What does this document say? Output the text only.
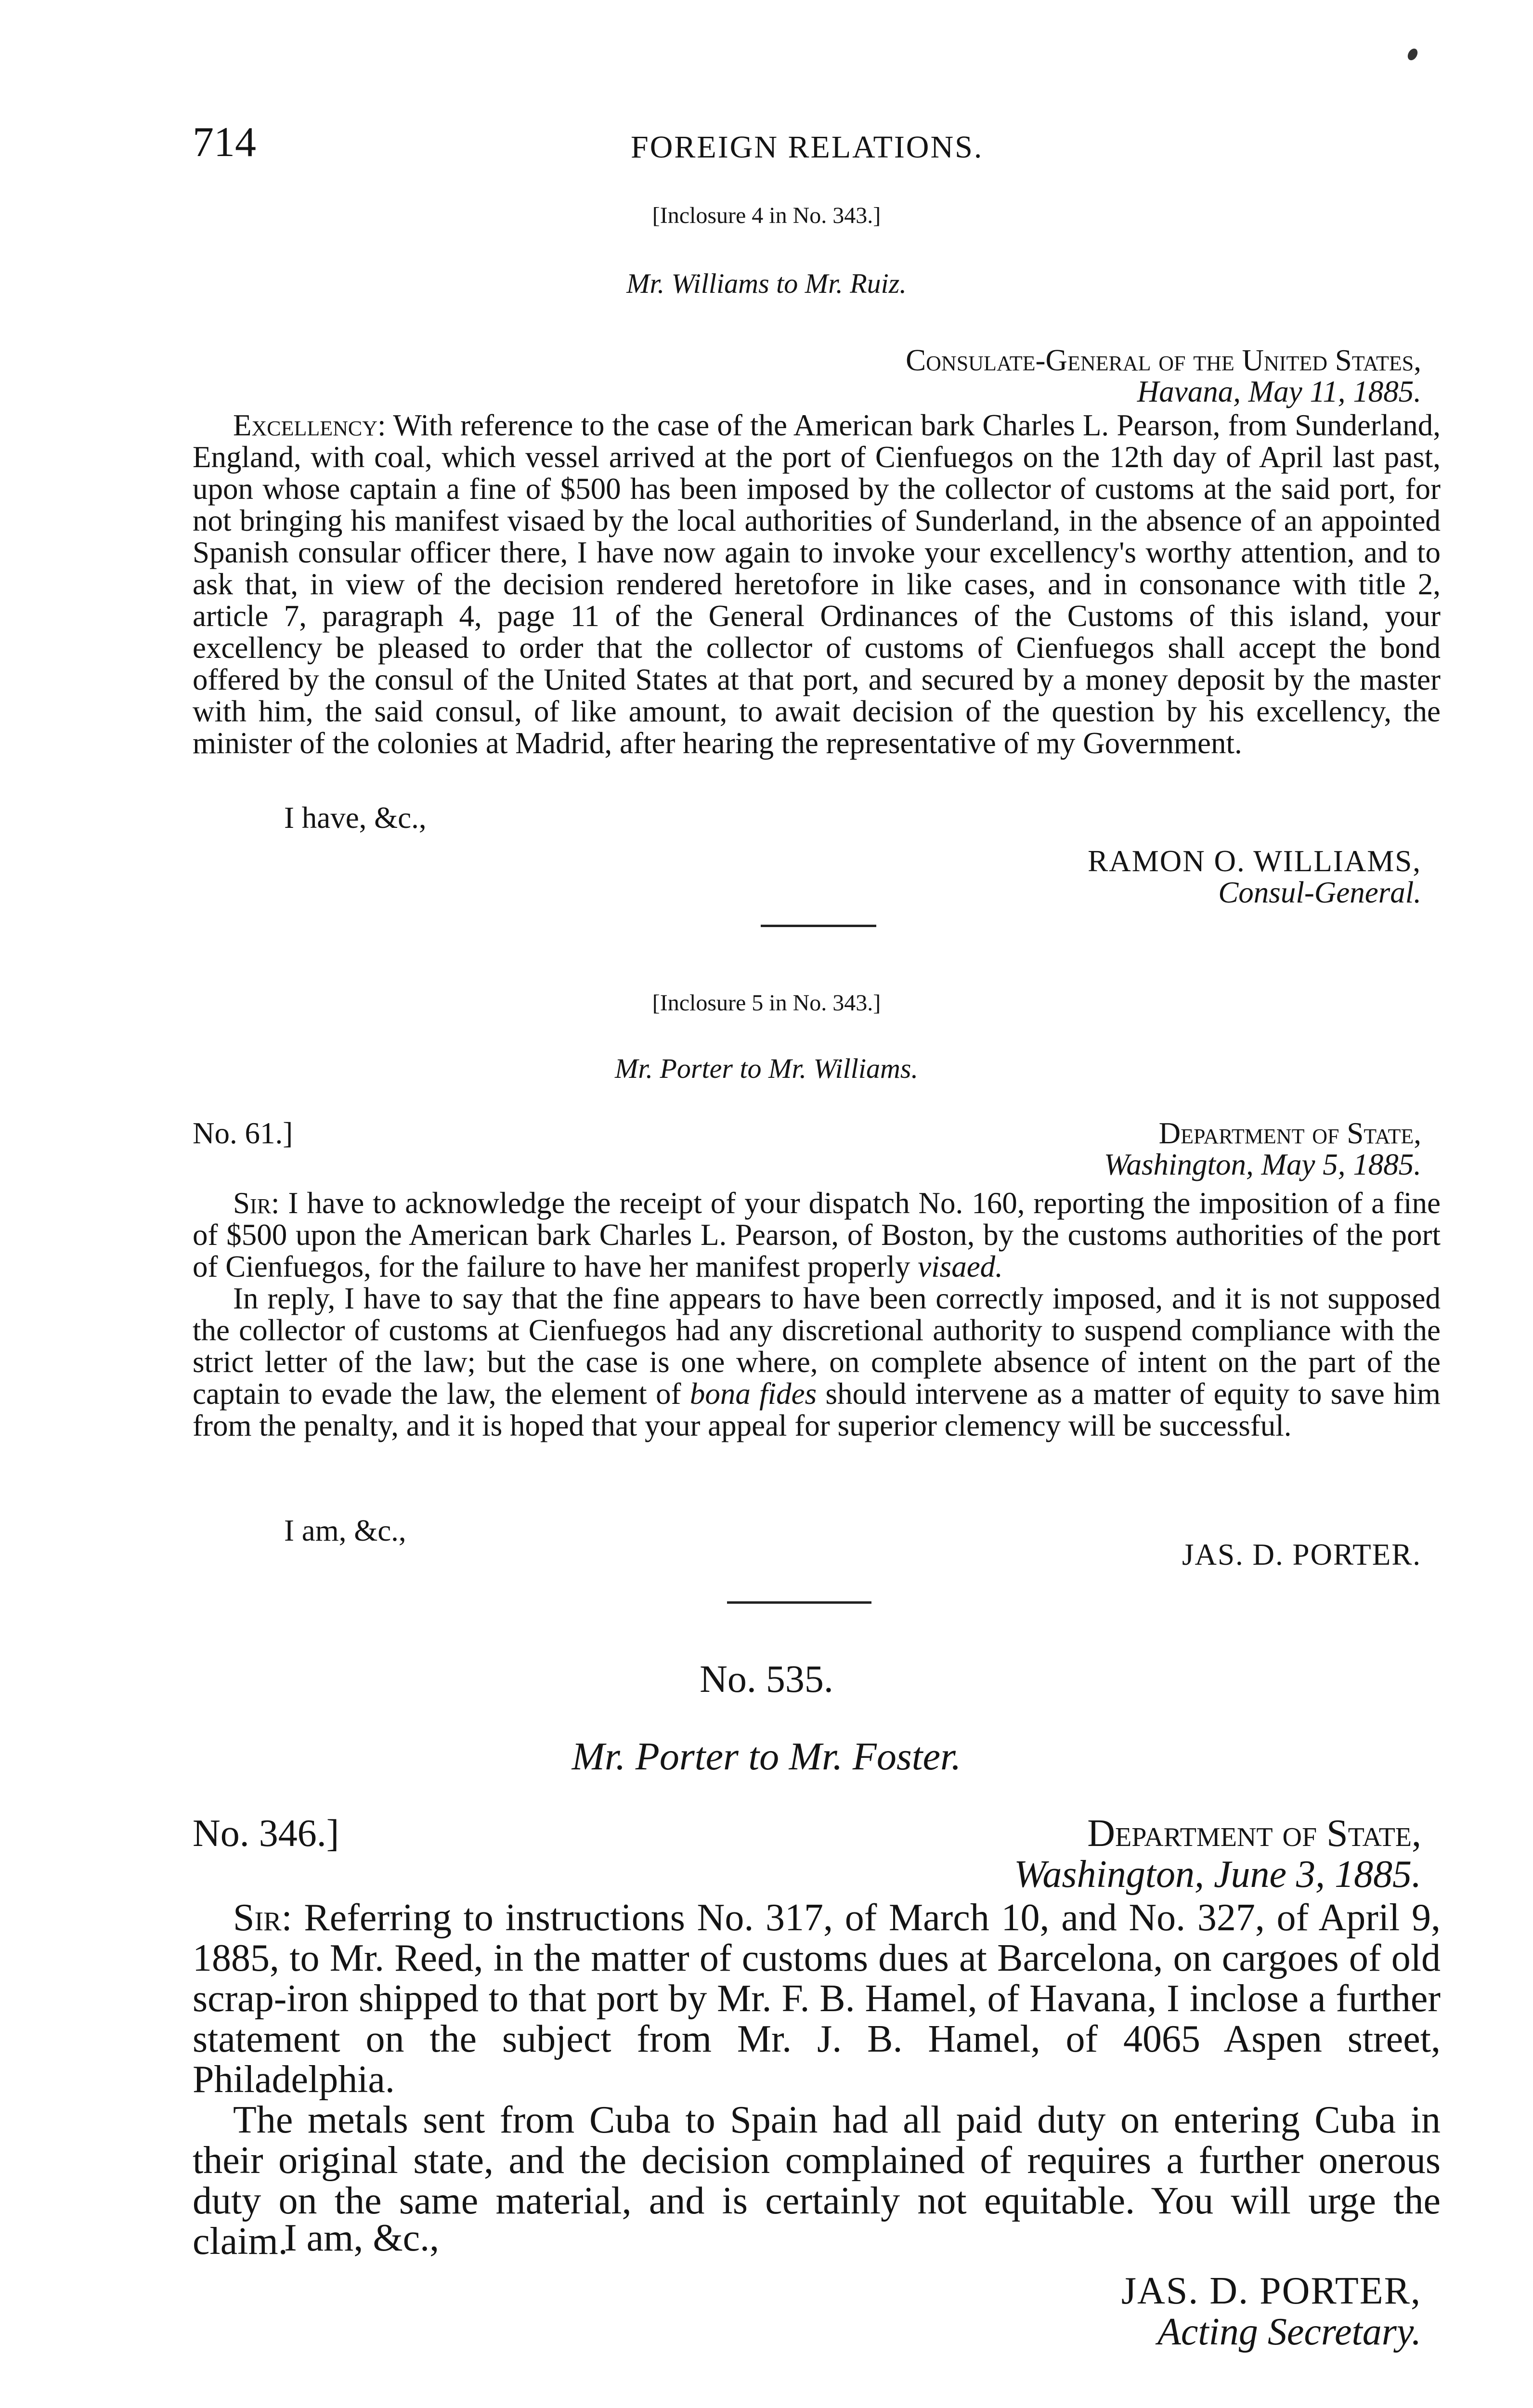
714	FOREIGN RELATIONS.
[Inclosure 4 in No. 343.]
Mr. Williams to Mr. Ruiz.
Consulate-General of the United States,
Havana, May 11, 1885.

Excellency: With reference to the case of the American bark Charles L. Pearson, from Sunderland, England, with coal, which vessel arrived at the port of Cienfuegos on the 12th day of April last past, upon whose captain a fine of $500 has been imposed by the collector of customs at the said port, for not bringing his manifest visaed by the local authorities of Sunderland, in the absence of an appointed Spanish consular officer there, I have now again to invoke your excellency's worthy attention, and to ask that, in view of the decision rendered heretofore in like cases, and in consonance with title 2, article 7, paragraph 4, page 11 of the General Ordinances of the Customs of this island, your excellency be pleased to order that the collector of customs of Cienfuegos shall accept the bond offered by the consul of the United States at that port, and secured by a money deposit by the master with him, the said consul, of like amount, to await decision of the question by his excellency, the minister of the colonies at Madrid, after hearing the representative of my Government.

I have, &c.,
RAMON O. WILLIAMS,
Consul-General.
[Inclosure 5 in No. 343.]
Mr. Porter to Mr. Williams.
No. 61.]	Department of State,
Washington, May 5, 1885.

Sir: I have to acknowledge the receipt of your dispatch No. 160, reporting the imposition of a fine of $500 upon the American bark Charles L. Pearson, of Boston, by the customs authorities of the port of Cienfuegos, for the failure to have her manifest properly visaed.

In reply, I have to say that the fine appears to have been correctly imposed, and it is not supposed the collector of customs at Cienfuegos had any discretional authority to suspend compliance with the strict letter of the law; but the case is one where, on complete absence of intent on the part of the captain to evade the law, the element of bona fides should intervene as a matter of equity to save him from the penalty, and it is hoped that your appeal for superior clemency will be successful.

I am, &c.,
JAS. D. PORTER.
No. 535.
Mr. Porter to Mr. Foster.
No. 346.]	Department of State,
Washington, June 3, 1885.

Sir: Referring to instructions No. 317, of March 10, and No. 327, of April 9, 1885, to Mr. Reed, in the matter of customs dues at Barcelona, on cargoes of old scrap-iron shipped to that port by Mr. F. B. Hamel, of Havana, I inclose a further statement on the subject from Mr. J. B. Hamel, of 4065 Aspen street, Philadelphia.

The metals sent from Cuba to Spain had all paid duty on entering Cuba in their original state, and the decision complained of requires a further onerous duty on the same material, and is certainly not equitable. You will urge the claim.

I am, &c.,
JAS. D. PORTER,
Acting Secretary.
